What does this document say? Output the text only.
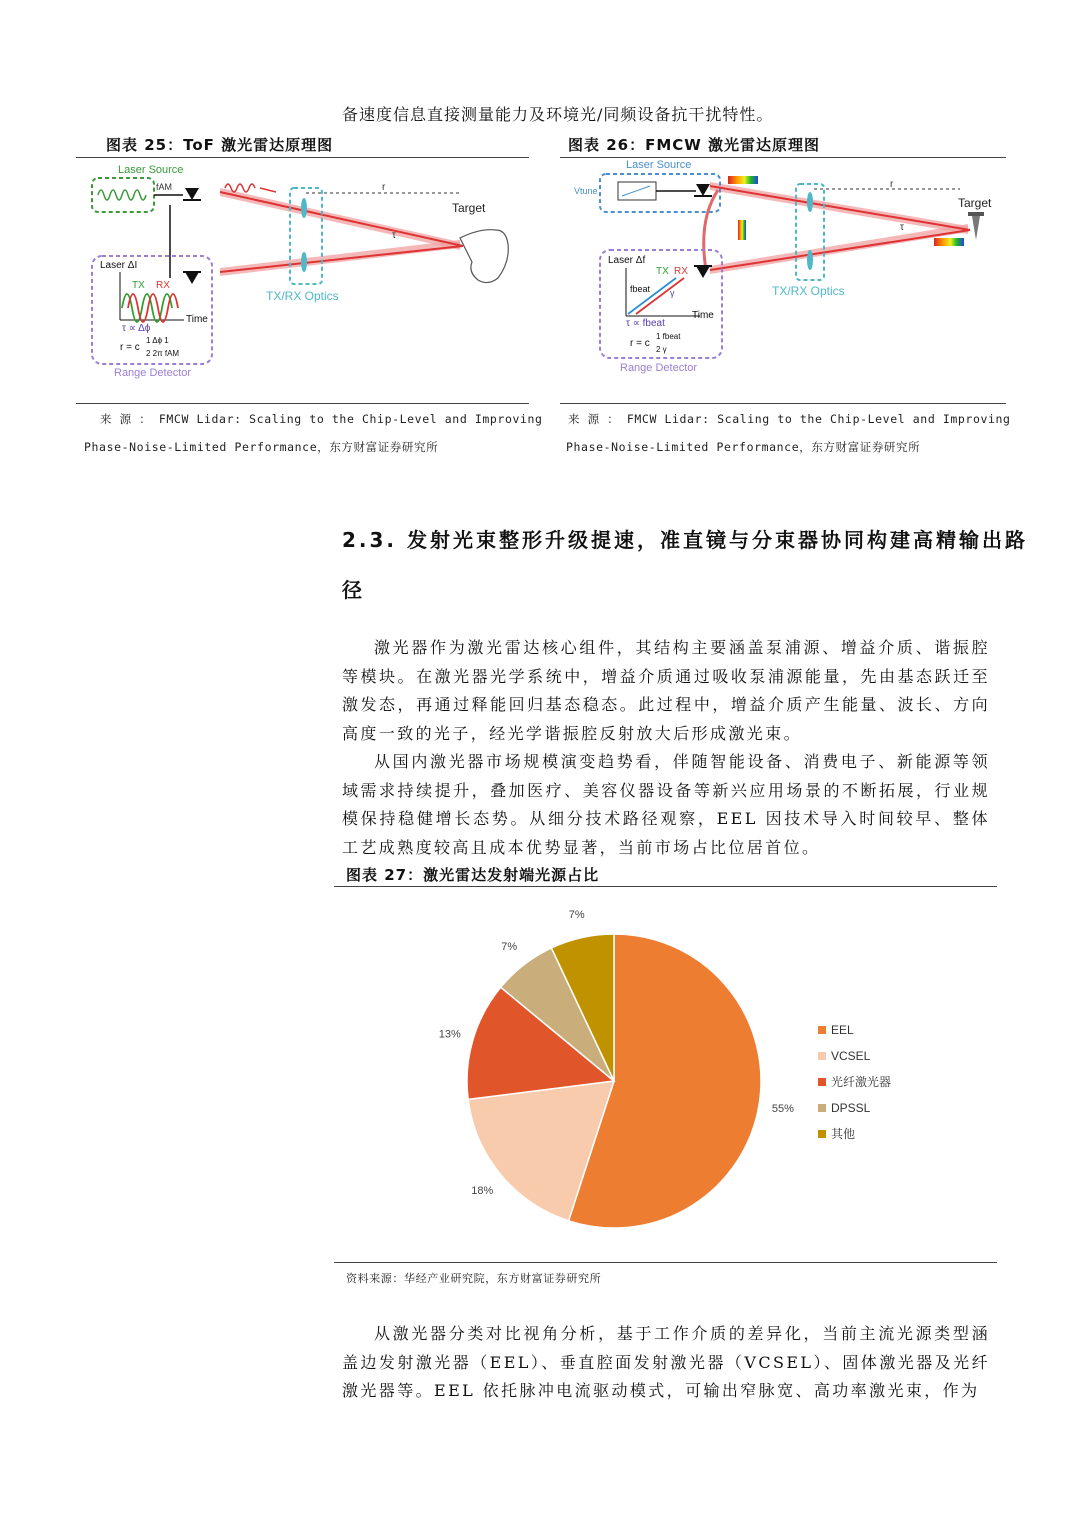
备速度信息直接测量能力及环境光/同频设备抗干扰特性。
图表 25：ToF 激光雷达原理图
Laser Source
fAM
TX/RX Optics
r
Target
τ
Laser ΔI
TX RX
Time
τ ∝ Δϕ
r = c
1 Δϕ 1
2 2π fAM
Range Detector
来 源 ： FMCW Lidar: Scaling to the Chip-Level and Improving
Phase-Noise-Limited Performance，东方财富证券研究所
图表 26：FMCW 激光雷达原理图
Laser Source
Vtune
TX/RX Optics
r
Target
τ
Laser Δf
TX RX
fbeat γ
Time
τ ∝ fbeat
r = c
1 fbeat
2 γ
Range Detector
来 源 ： FMCW Lidar: Scaling to the Chip-Level and Improving
Phase-Noise-Limited Performance，东方财富证券研究所
2.3. 发射光束整形升级提速，准直镜与分束器协同构建高精输出路
径

激光器作为激光雷达核心组件，其结构主要涵盖泵浦源、增益介质、谐振腔等模块。在激光器光学系统中，增益介质通过吸收泵浦源能量，先由基态跃迁至激发态，再通过释能回归基态稳态。此过程中，增益介质产生能量、波长、方向高度一致的光子，经光学谐振腔反射放大后形成激光束。

从国内激光器市场规模演变趋势看，伴随智能设备、消费电子、新能源等领域需求持续提升，叠加医疗、美容仪器设备等新兴应用场景的不断拓展，行业规模保持稳健增长态势。从细分技术路径观察，EEL 因技术导入时间较早、整体工艺成熟度较高且成本优势显著，当前市场占比位居首位。

图表 27：激光雷达发射端光源占比
55%
18%
13%
7%
7%
EEL
VCSEL
光纤激光器
DPSSL
其他
资料来源：华经产业研究院，东方财富证券研究所

从激光器分类对比视角分析，基于工作介质的差异化，当前主流光源类型涵盖边发射激光器（EEL）、垂直腔面发射激光器（VCSEL）、固体激光器及光纤激光器等。EEL 依托脉冲电流驱动模式，可输出窄脉宽、高功率激光束，作为
